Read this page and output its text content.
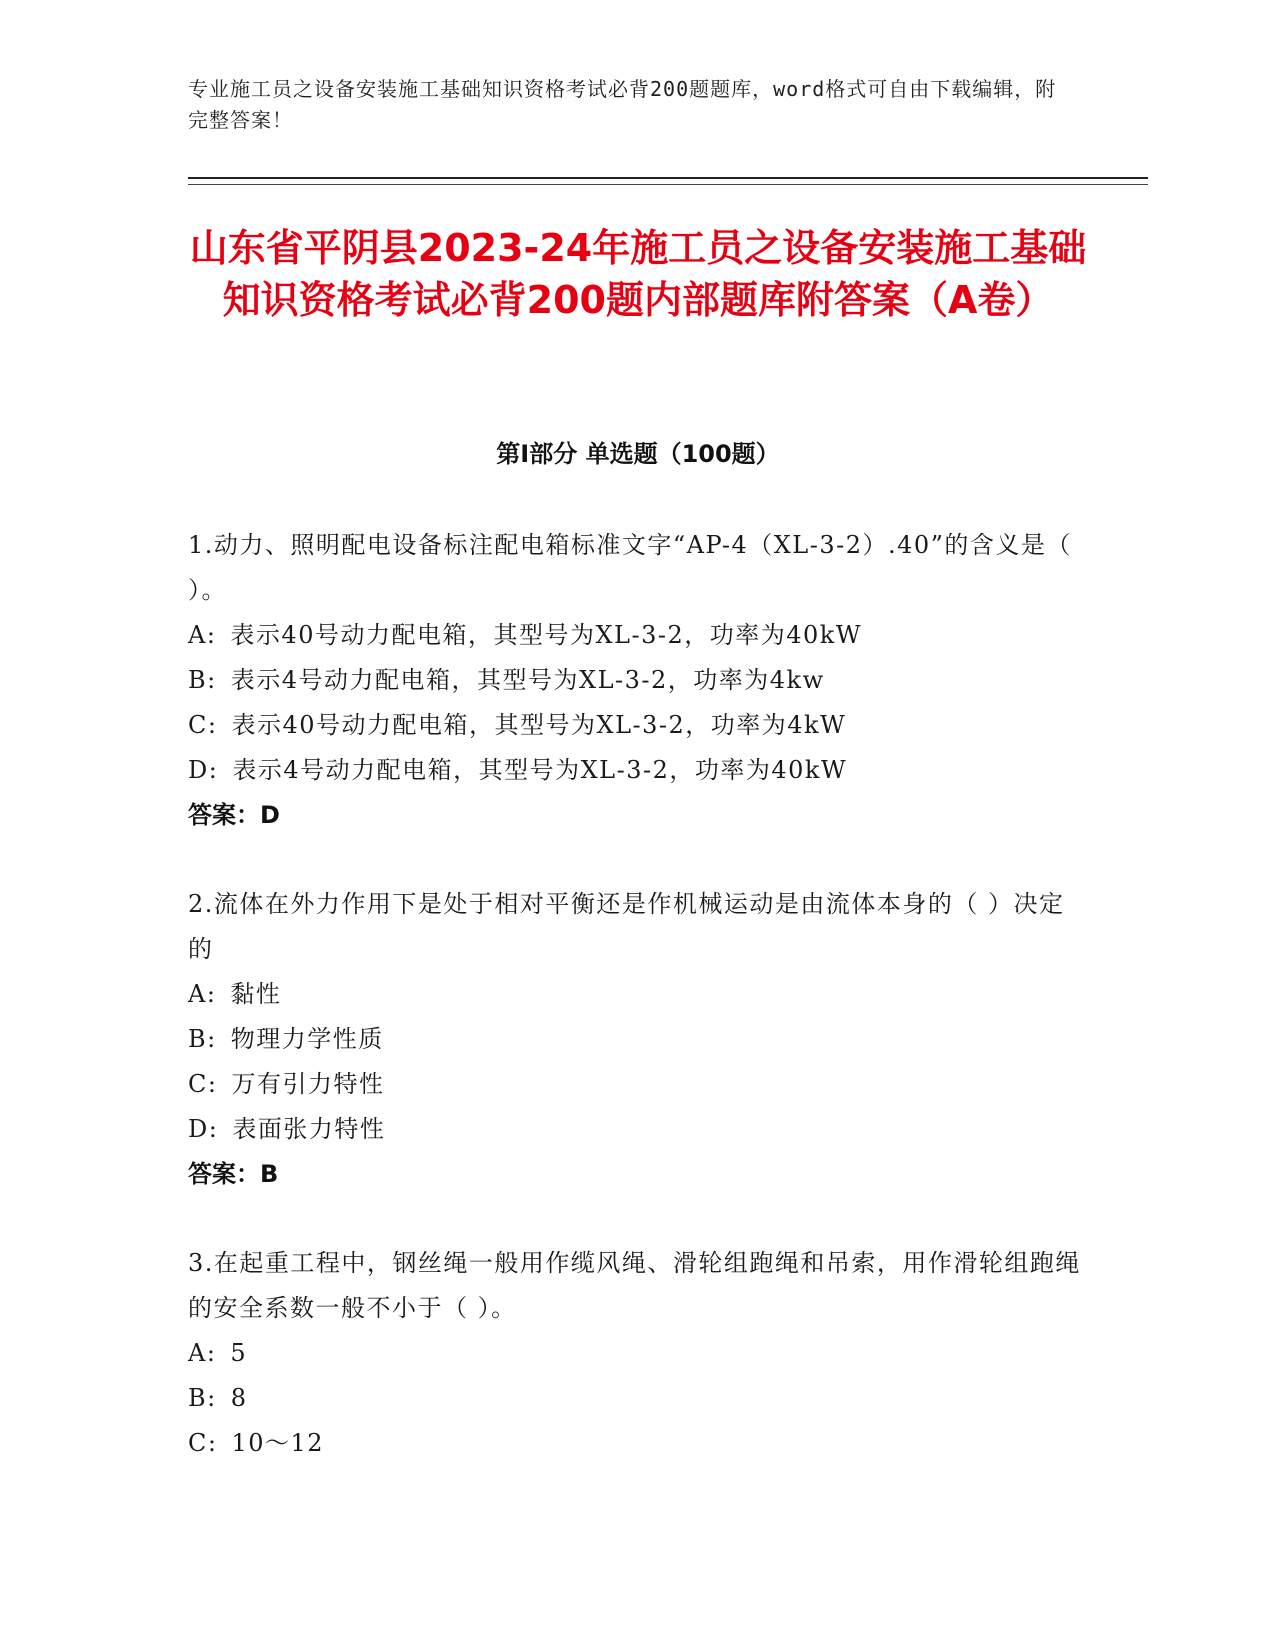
专业施工员之设备安装施工基础知识资格考试必背200题题库，word格式可自由下载编辑，附完整答案！
山东省平阴县2023-24年施工员之设备安装施工基础知识资格考试必背200题内部题库附答案（A卷）
第Ⅰ部分 单选题（100题）

1.动力、照明配电设备标注配电箱标准文字“AP-4（XL-3-2）.40”的含义是（ ）。

A: 表示40号动力配电箱，其型号为XL-3-2，功率为40kW

B: 表示4号动力配电箱，其型号为XL-3-2，功率为4kw

C: 表示40号动力配电箱，其型号为XL-3-2，功率为4kW

D: 表示4号动力配电箱，其型号为XL-3-2，功率为40kW

答案：D

2.流体在外力作用下是处于相对平衡还是作机械运动是由流体本身的（ ）决定的

A: 黏性

B: 物理力学性质

C: 万有引力特性

D: 表面张力特性

答案：B

3.在起重工程中，钢丝绳一般用作缆风绳、滑轮组跑绳和吊索，用作滑轮组跑绳的安全系数一般不小于（ ）。

A: 5

B: 8

C: 10～12
